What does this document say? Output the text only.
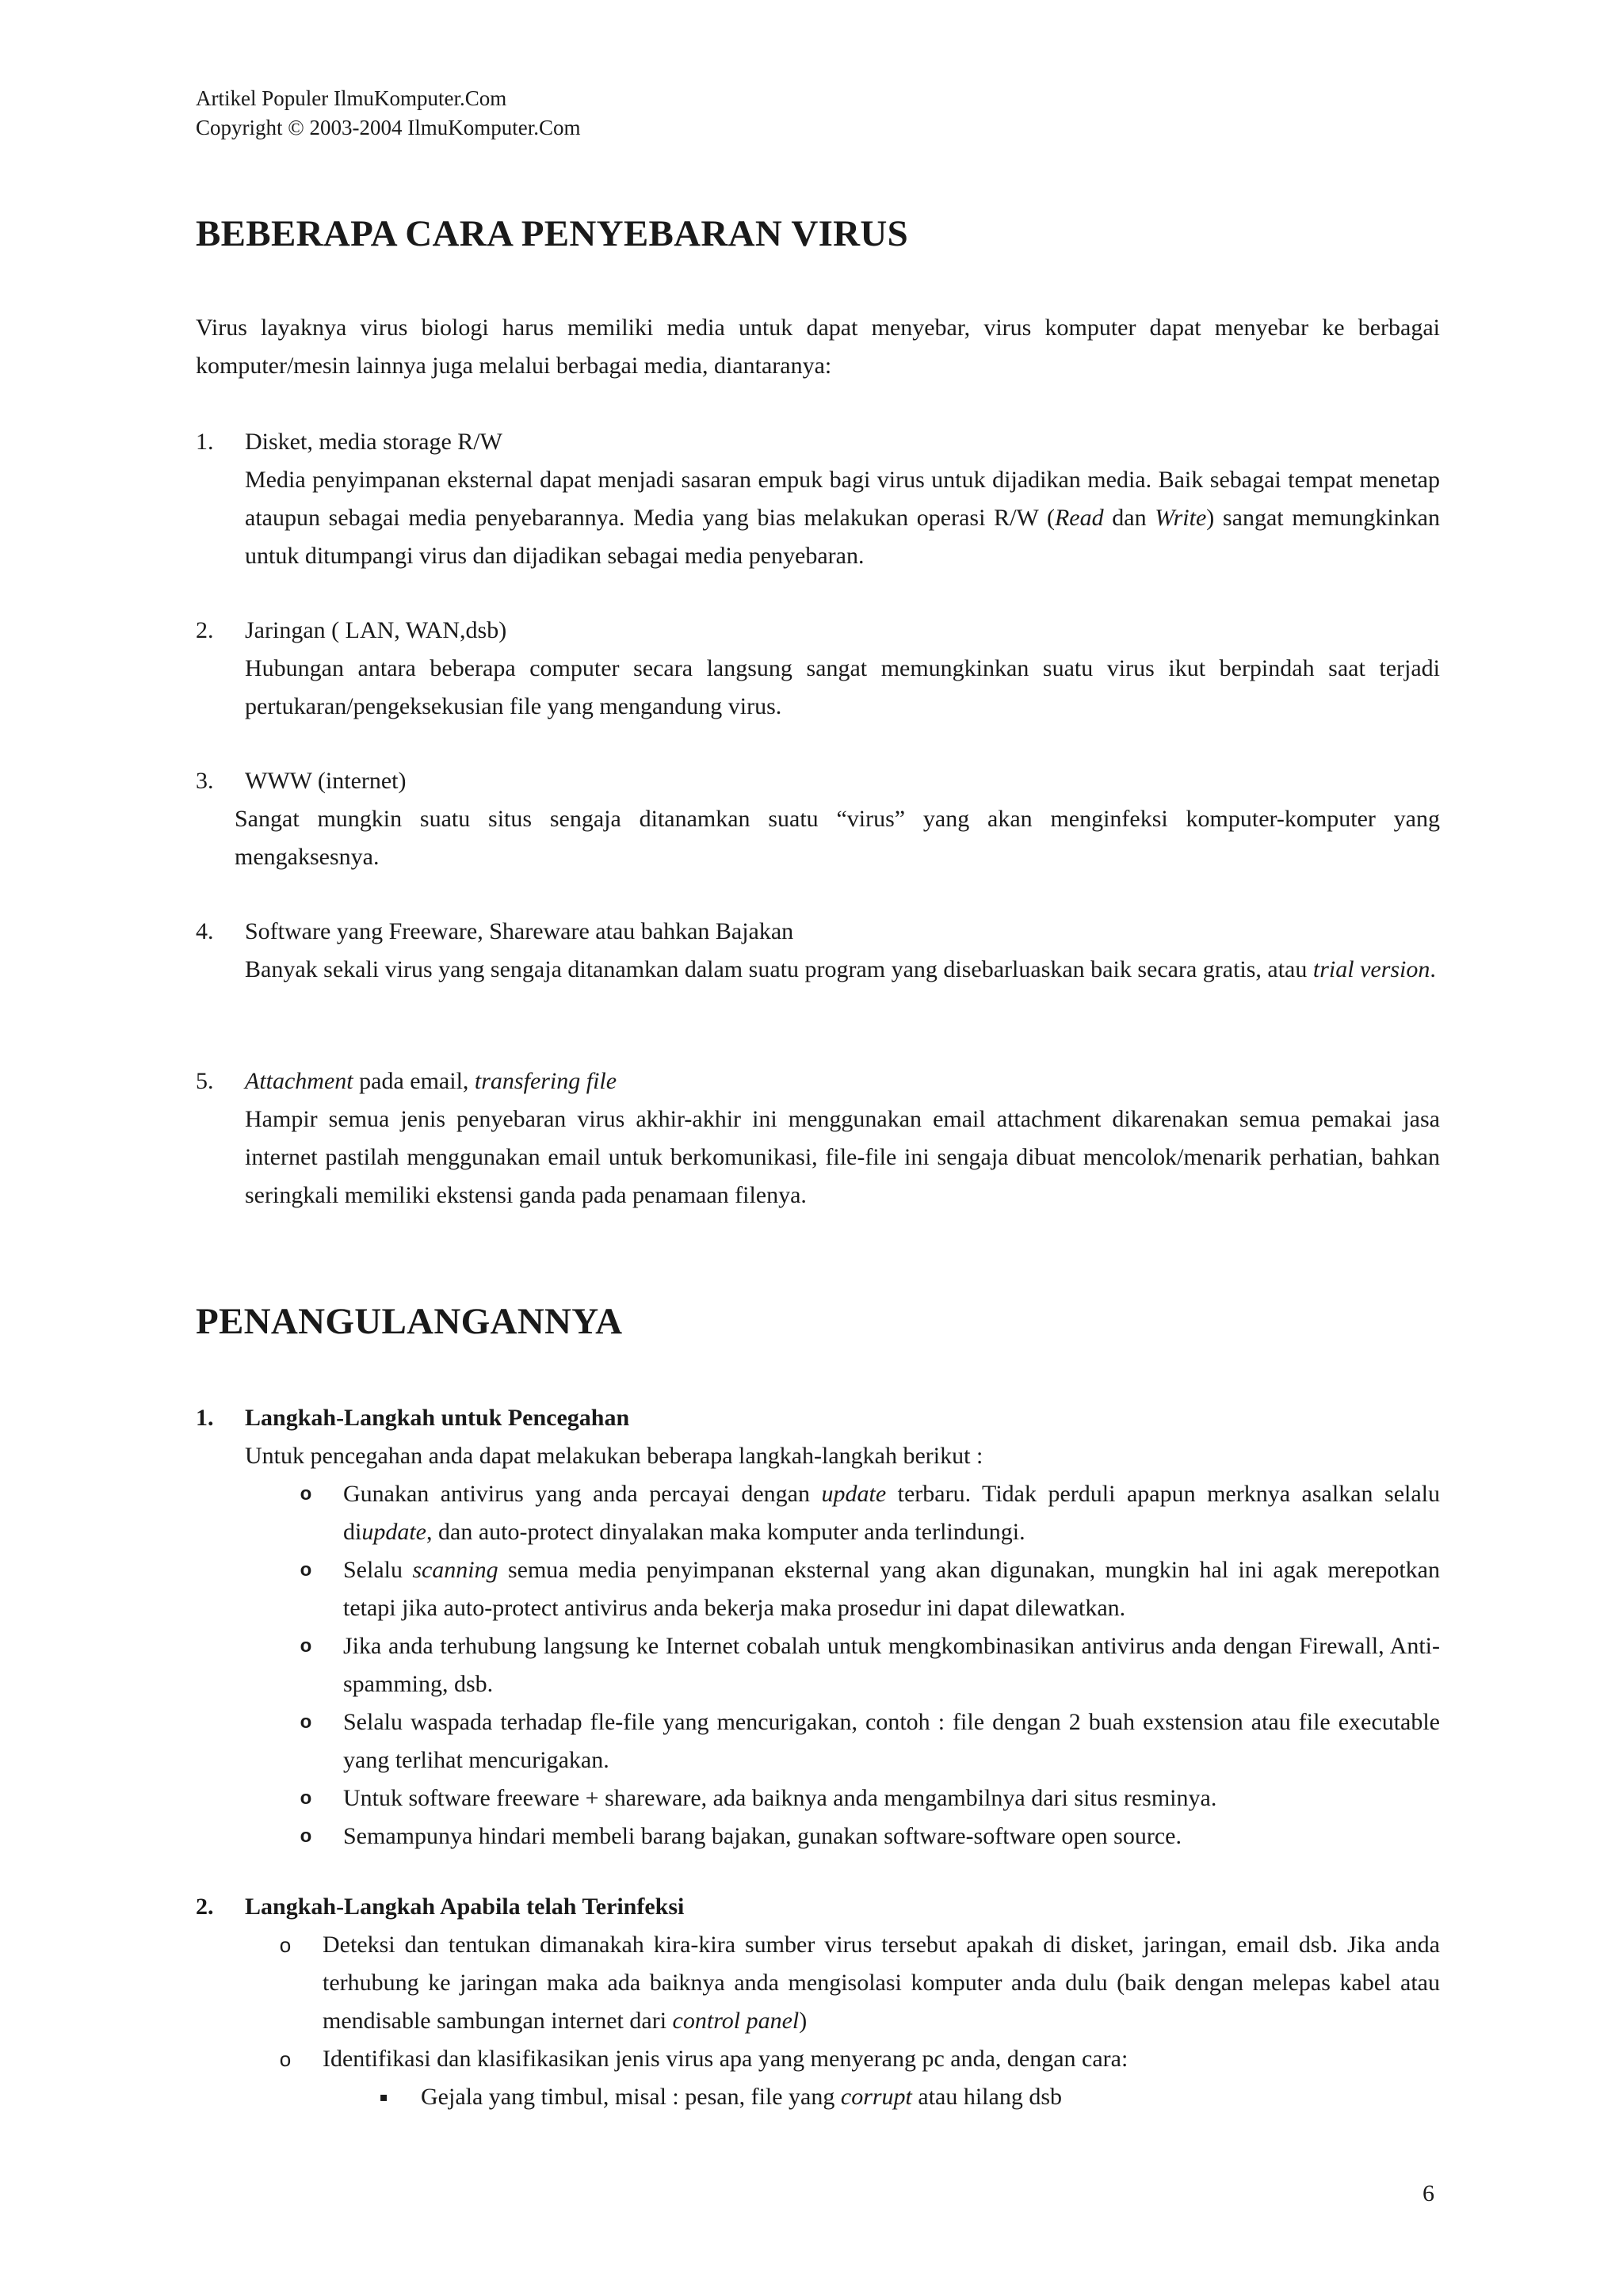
Artikel Populer IlmuKomputer.Com
Copyright © 2003-2004 IlmuKomputer.Com
BEBERAPA CARA PENYEBARAN VIRUS
Virus layaknya virus biologi harus memiliki media untuk dapat menyebar, virus komputer dapat menyebar ke berbagai komputer/mesin lainnya juga melalui berbagai media, diantaranya:
1. Disket, media storage R/W
Media penyimpanan eksternal dapat menjadi sasaran empuk bagi virus untuk dijadikan media. Baik sebagai tempat menetap ataupun sebagai media penyebarannya. Media yang bias melakukan operasi R/W (Read dan Write) sangat memungkinkan untuk ditumpangi virus dan dijadikan sebagai media penyebaran.
2. Jaringan ( LAN, WAN,dsb)
Hubungan antara beberapa computer secara langsung sangat memungkinkan suatu virus ikut berpindah saat terjadi pertukaran/pengeksekusian file yang mengandung virus.
3. WWW (internet)
Sangat mungkin suatu situs sengaja ditanamkan suatu “virus” yang akan menginfeksi komputer-komputer yang mengaksesnya.
4. Software yang Freeware, Shareware atau bahkan Bajakan
Banyak sekali virus yang sengaja ditanamkan dalam suatu program yang disebarluaskan baik secara gratis, atau trial version.
5. Attachment pada email, transfering file
Hampir semua jenis penyebaran virus akhir-akhir ini menggunakan email attachment dikarenakan semua pemakai jasa internet pastilah menggunakan email untuk berkomunikasi, file-file ini sengaja dibuat mencolok/menarik perhatian, bahkan seringkali memiliki ekstensi ganda pada penamaan filenya.
PENANGULANGANNYA
1. Langkah-Langkah untuk Pencegahan
Untuk pencegahan anda dapat melakukan beberapa langkah-langkah berikut :
o Gunakan antivirus yang anda percayai dengan update terbaru. Tidak perduli apapun merknya asalkan selalu diupdate, dan auto-protect dinyalakan maka komputer anda terlindungi.
o Selalu scanning semua media penyimpanan eksternal yang akan digunakan, mungkin hal ini agak merepotkan tetapi jika auto-protect antivirus anda bekerja maka prosedur ini dapat dilewatkan.
o Jika anda terhubung langsung ke Internet cobalah untuk mengkombinasikan antivirus anda dengan Firewall, Anti-spamming, dsb.
o Selalu waspada terhadap fle-file yang mencurigakan, contoh : file dengan 2 buah exstension atau file executable yang terlihat mencurigakan.
o Untuk software freeware + shareware, ada baiknya anda mengambilnya dari situs resminya.
o Semampunya hindari membeli barang bajakan, gunakan software-software open source.
2. Langkah-Langkah Apabila telah Terinfeksi
o Deteksi dan tentukan dimanakah kira-kira sumber virus tersebut apakah di disket, jaringan, email dsb. Jika anda terhubung ke jaringan maka ada baiknya anda mengisolasi komputer anda dulu (baik dengan melepas kabel atau mendisable sambungan internet dari control panel)
o Identifikasi dan klasifikasikan jenis virus apa yang menyerang pc anda, dengan cara:
▪	Gejala yang timbul, misal : pesan, file yang corrupt atau hilang dsb
6
